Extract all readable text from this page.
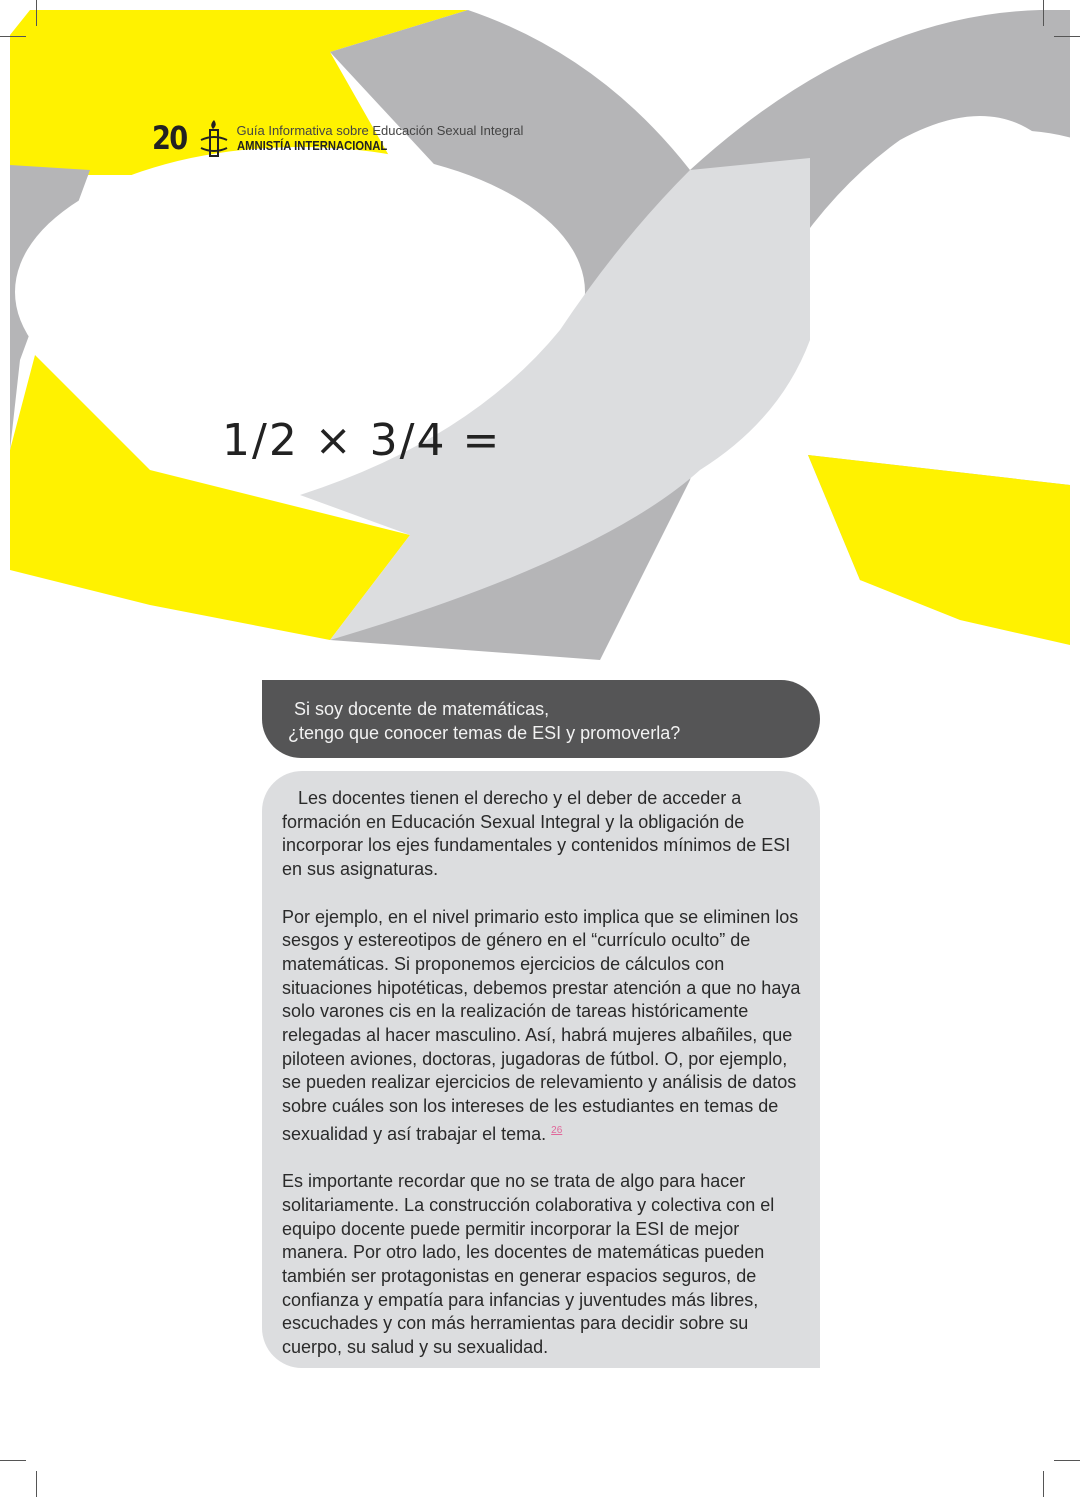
1/2 × 3/4 =
20	Guía Informativa sobre Educación Sexual Integral
AMNISTÍA INTERNACIONAL
Si soy docente de matemáticas,
¿tengo que conocer temas de ESI y promoverla?

Les docentes tienen el derecho y el deber de acceder a formación en Educación Sexual Integral y la obligación de incorporar los ejes fundamentales y contenidos mínimos de ESI en sus asignaturas.

Por ejemplo, en el nivel primario esto implica que se eliminen los sesgos y estereotipos de género en el “currículo oculto” de matemáticas. Si proponemos ejercicios de cálculos con situaciones hipotéticas, debemos prestar atención a que no haya solo varones cis en la realización de tareas históricamente relegadas al hacer masculino. Así, habrá mujeres albañiles, que piloteen aviones, doctoras, jugadoras de fútbol. O, por ejemplo, se pueden realizar ejercicios de relevamiento y análisis de datos sobre cuáles son los intereses de les estudiantes en temas de sexualidad y así trabajar el tema. $^{26}$

Es importante recordar que no se trata de algo para hacer solitariamente. La construcción colaborativa y colectiva con el equipo docente puede permitir incorporar la ESI de mejor manera. Por otro lado, les docentes de matemáticas pueden también ser protagonistas en generar espacios seguros, de confianza y empatía para infancias y juventudes más libres, escuchades y con más herramientas para decidir sobre su cuerpo, su salud y su sexualidad.
